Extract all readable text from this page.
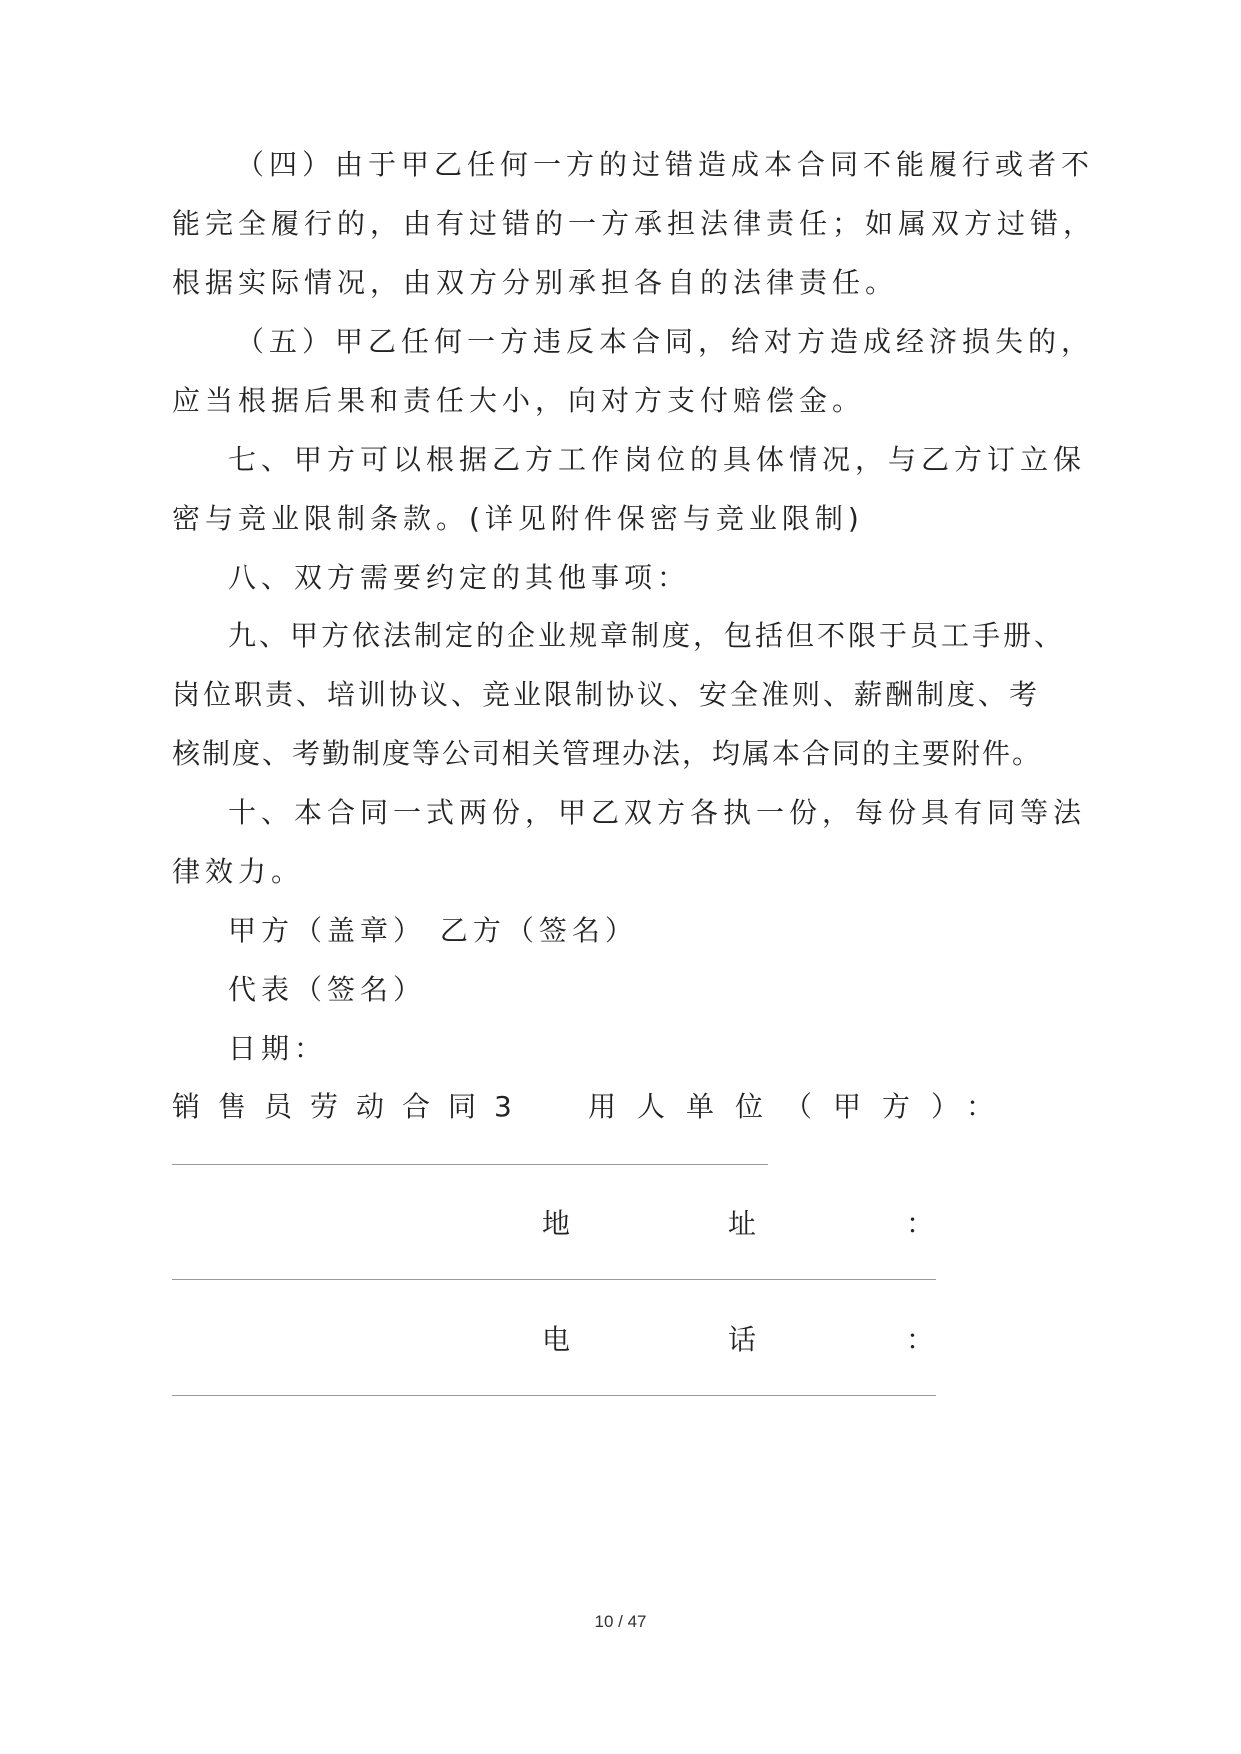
（四）由于甲乙任何一方的过错造成本合同不能履行或者不
能完全履行的，由有过错的一方承担法律责任；如属双方过错，
根据实际情况，由双方分别承担各自的法律责任。
（五）甲乙任何一方违反本合同，给对方造成经济损失的，
应当根据后果和责任大小，向对方支付赔偿金。
七、甲方可以根据乙方工作岗位的具体情况，与乙方订立保
密与竞业限制条款。(详见附件保密与竞业限制)
八、双方需要约定的其他事项：
九、甲方依法制定的企业规章制度，包括但不限于员工手册、
岗位职责、培训协议、竞业限制协议、安全准则、薪酬制度、考
核制度、考勤制度等公司相关管理办法，均属本合同的主要附件。
十、本合同一式两份，甲乙双方各执一份，每份具有同等法
律效力。
甲方（盖章） 乙方（签名）
代表（签名）
日期：
销售员劳动合同3 用人单位（甲方）：
地	址	：
电	话	：
10 / 47
